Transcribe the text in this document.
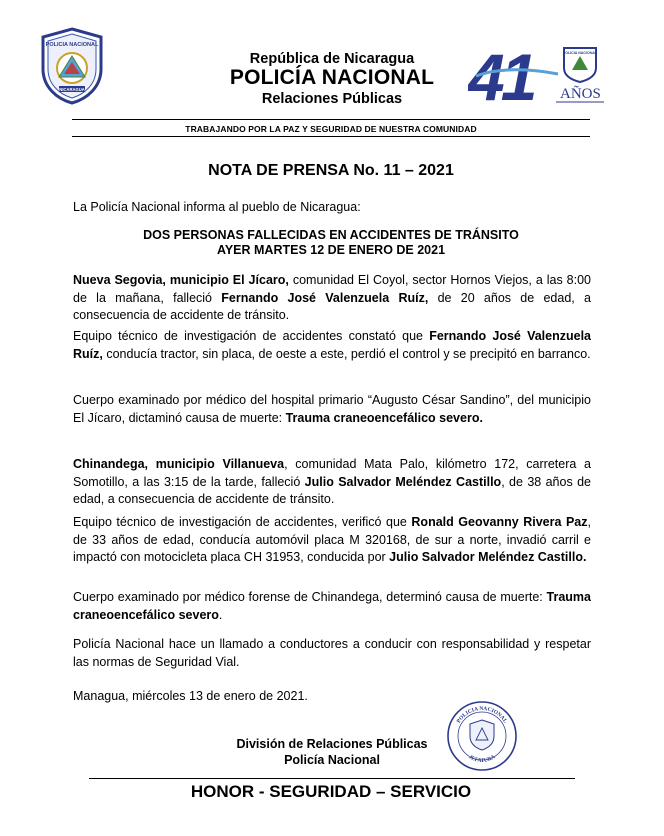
POLICIA NACIONAL
NICARAGUA
República de Nicaragua
POLICÍA NACIONAL
Relaciones Públicas 41	POLICIA NACIONAL
AÑOS
TRABAJANDO POR LA PAZ Y SEGURIDAD DE NUESTRA COMUNIDAD
NOTA DE PRENSA No. 11 – 2021
La Policía Nacional informa al pueblo de Nicaragua:
DOS PERSONAS FALLECIDAS EN ACCIDENTES DE TRÁNSITO
AYER MARTES 12 DE ENERO DE 2021
Nueva Segovia, municipio El Jícaro, comunidad El Coyol, sector Hornos Viejos, a las 8:00 de la mañana, falleció Fernando José Valenzuela Ruíz, de 20 años de edad, a consecuencia de accidente de tránsito.
Equipo técnico de investigación de accidentes constató que Fernando José Valenzuela Ruíz, conducía tractor, sin placa, de oeste a este, perdió el control y se precipitó en barranco.
Cuerpo examinado por médico del hospital primario “Augusto César Sandino”, del municipio El Jícaro, dictaminó causa de muerte: Trauma craneoencefálico severo.
Chinandega, municipio Villanueva, comunidad Mata Palo, kilómetro 172, carretera a Somotillo, a las 3:15 de la tarde, falleció Julio Salvador Meléndez Castillo, de 38 años de edad, a consecuencia de accidente de tránsito.
Equipo técnico de investigación de accidentes, verificó que Ronald Geovanny Rivera Paz, de 33 años de edad, conducía automóvil placa M 320168, de sur a norte, invadió carril e impactó con motocicleta placa CH 31953, conducida por Julio Salvador Meléndez Castillo.
Cuerpo examinado por médico forense de Chinandega, determinó causa de muerte: Trauma craneoencefálico severo.
Policía Nacional hace un llamado a conductores a conducir con responsabilidad y respetar las normas de Seguridad Vial.
Managua, miércoles 13 de enero de 2021.
División de Relaciones Públicas
Policía Nacional
POLICIA NACIONAL
JEFATURA
HONOR - SEGURIDAD – SERVICIO
